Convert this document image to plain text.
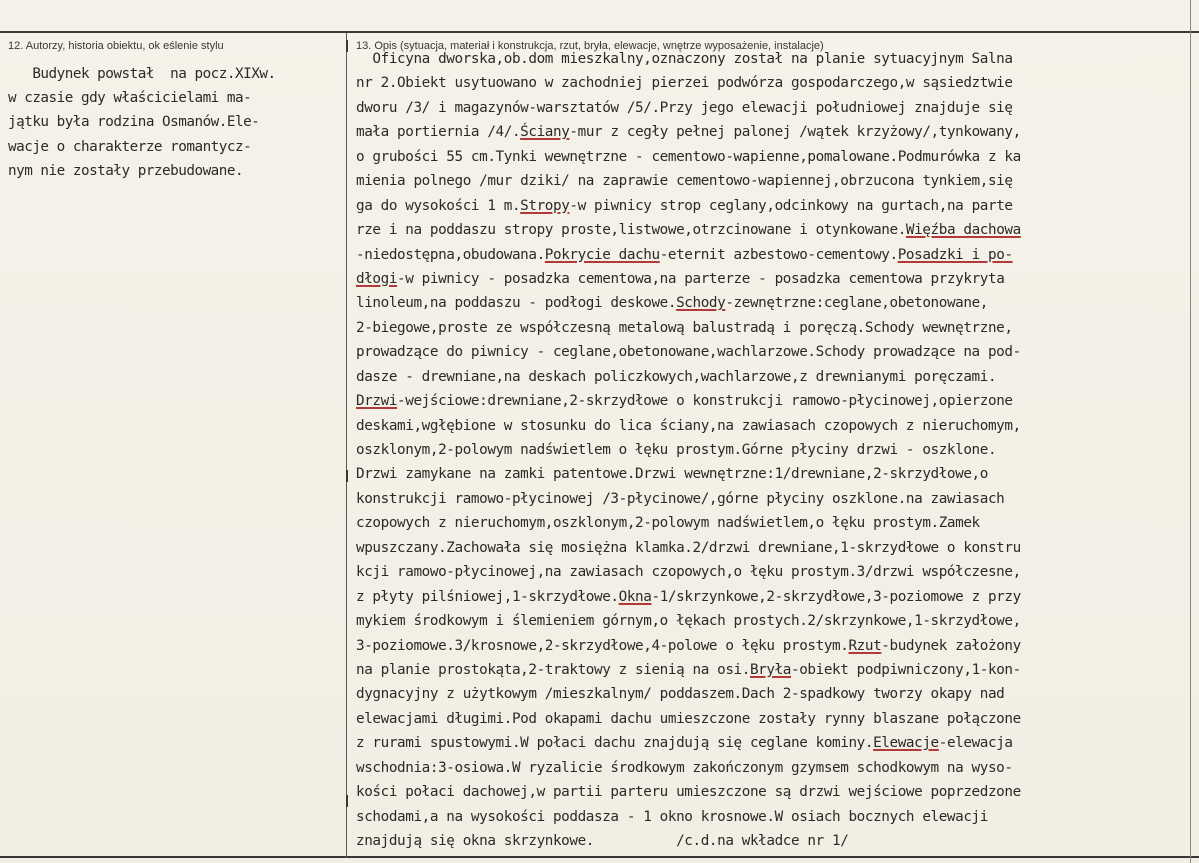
12. Autorzy, historia obiektu, ok eślenie stylu	13. Opis (sytuacja, materiał i konstrukcja, rzut, bryła, elewacje, wnętrze wyposażenie, instalacje)
Budynek powstał  na pocz.XIXw.
w czasie gdy właścicielami ma-
jątku była rodzina Osmanów.Ele-
wacje o charakterze romantycz-
nym nie zostały przebudowane.
Oficyna dworska,ob.dom mieszkalny,oznaczony został na planie sytuacyjnym Salna
nr 2.Obiekt usytuowano w zachodniej pierzei podwórza gospodarczego,w sąsiedztwie
dworu /3/ i magazynów-warsztatów /5/.Przy jego elewacji południowej znajduje się
mała portiernia /4/.Ściany-mur z cegły pełnej palonej /wątek krzyżowy/,tynkowany,
o grubości 55 cm.Tynki wewnętrzne - cementowo-wapienne,pomalowane.Podmurówka z ka
mienia polnego /mur dziki/ na zaprawie cementowo-wapiennej,obrzucona tynkiem,się
ga do wysokości 1 m.Stropy-w piwnicy strop ceglany,odcinkowy na gurtach,na parte
rze i na poddaszu stropy proste,listwowe,otrzcinowane i otynkowane.Więźba dachowa
-niedostępna,obudowana.Pokrycie dachu-eternit azbestowo-cementowy.Posadzki i po-
dłogi-w piwnicy - posadzka cementowa,na parterze - posadzka cementowa przykryta
linoleum,na poddaszu - podłogi deskowe.Schody-zewnętrzne:ceglane,obetonowane,
2-biegowe,proste ze współczesną metalową balustradą i poręczą.Schody wewnętrzne,
prowadzące do piwnicy - ceglane,obetonowane,wachlarzowe.Schody prowadzące na pod-
dasze - drewniane,na deskach policzkowych,wachlarzowe,z drewnianymi poręczami.
Drzwi-wejściowe:drewniane,2-skrzydłowe o konstrukcji ramowo-płycinowej,opierzone
deskami,wgłębione w stosunku do lica ściany,na zawiasach czopowych z nieruchomym,
oszklonym,2-polowym nadświetlem o łęku prostym.Górne płyciny drzwi - oszklone.
Drzwi zamykane na zamki patentowe.Drzwi wewnętrzne:1/drewniane,2-skrzydłowe,o
konstrukcji ramowo-płycinowej /3-płycinowe/,górne płyciny oszklone.na zawiasach
czopowych z nieruchomym,oszklonym,2-polowym nadświetlem,o łęku prostym.Zamek
wpuszczany.Zachowała się mosiężna klamka.2/drzwi drewniane,1-skrzydłowe o konstru
kcji ramowo-płycinowej,na zawiasach czopowych,o łęku prostym.3/drzwi współczesne,
z płyty pilśniowej,1-skrzydłowe.Okna-1/skrzynkowe,2-skrzydłowe,3-poziomowe z przy
mykiem środkowym i ślemieniem górnym,o łękach prostych.2/skrzynkowe,1-skrzydłowe,
3-poziomowe.3/krosnowe,2-skrzydłowe,4-polowe o łęku prostym.Rzut-budynek założony
na planie prostokąta,2-traktowy z sienią na osi.Bryła-obiekt podpiwniczony,1-kon-
dygnacyjny z użytkowym /mieszkalnym/ poddaszem.Dach 2-spadkowy tworzy okapy nad
elewacjami długimi.Pod okapami dachu umieszczone zostały rynny blaszane połączone
z rurami spustowymi.W połaci dachu znajdują się ceglane kominy.Elewacje-elewacja
wschodnia:3-osiowa.W ryzalicie środkowym zakończonym gzymsem schodkowym na wyso-
kości połaci dachowej,w partii parteru umieszczone są drzwi wejściowe poprzedzone
schodami,a na wysokości poddasza - 1 okno krosnowe.W osiach bocznych elewacji
znajdują się okna skrzynkowe.          /c.d.na wkładce nr 1/
